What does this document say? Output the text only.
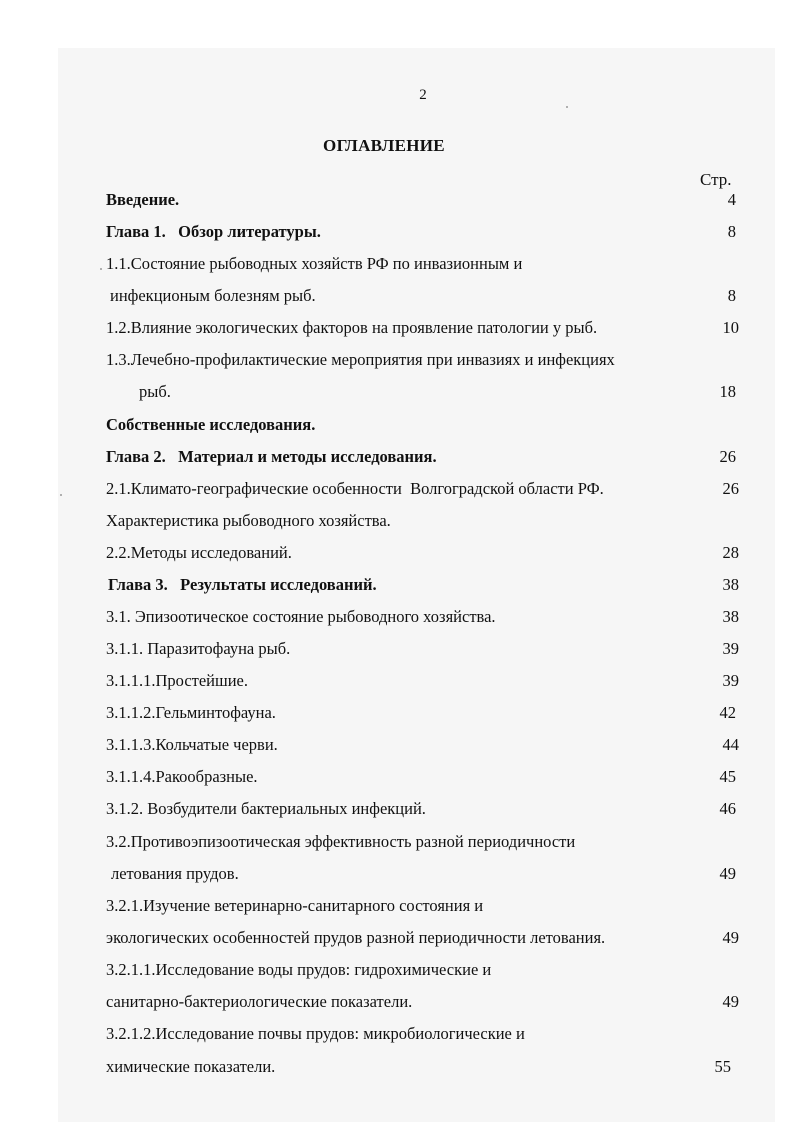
2
ОГЛАВЛЕНИЕ
Стр.
Введение.	4
Глава 1.   Обзор литературы.	8
1.1.Состояние рыбоводных хозяйств РФ по инвазионным и
инфекционым болезням рыб.	8
1.2.Влияние экологических факторов на проявление патологии у рыб.	10
1.3.Лечебно-профилактические мероприятия при инвазиях и инфекциях
рыб.	18
Собственные исследования.
Глава 2.   Материал и методы исследования.	26
2.1.Климато-географические особенности  Волгоградской области РФ.	26
Характеристика рыбоводного хозяйства.
2.2.Методы исследований.	28
Глава 3.   Результаты исследований.	38
3.1. Эпизоотическое состояние рыбоводного хозяйства.	38
3.1.1. Паразитофауна рыб.	39
3.1.1.1.Простейшие.	39
3.1.1.2.Гельминтофауна.	42
3.1.1.3.Кольчатые черви.	44
3.1.1.4.Ракообразные.	45
3.1.2. Возбудители бактериальных инфекций.	46
3.2.Противоэпизоотическая эффективность разной периодичности
летования прудов.	49
3.2.1.Изучение ветеринарно-санитарного состояния и
экологических особенностей прудов разной периодичности летования.	49
3.2.1.1.Исследование воды прудов: гидрохимические и
санитарно-бактериологические показатели.	49
3.2.1.2.Исследование почвы прудов: микробиологические и
химические показатели.	55
